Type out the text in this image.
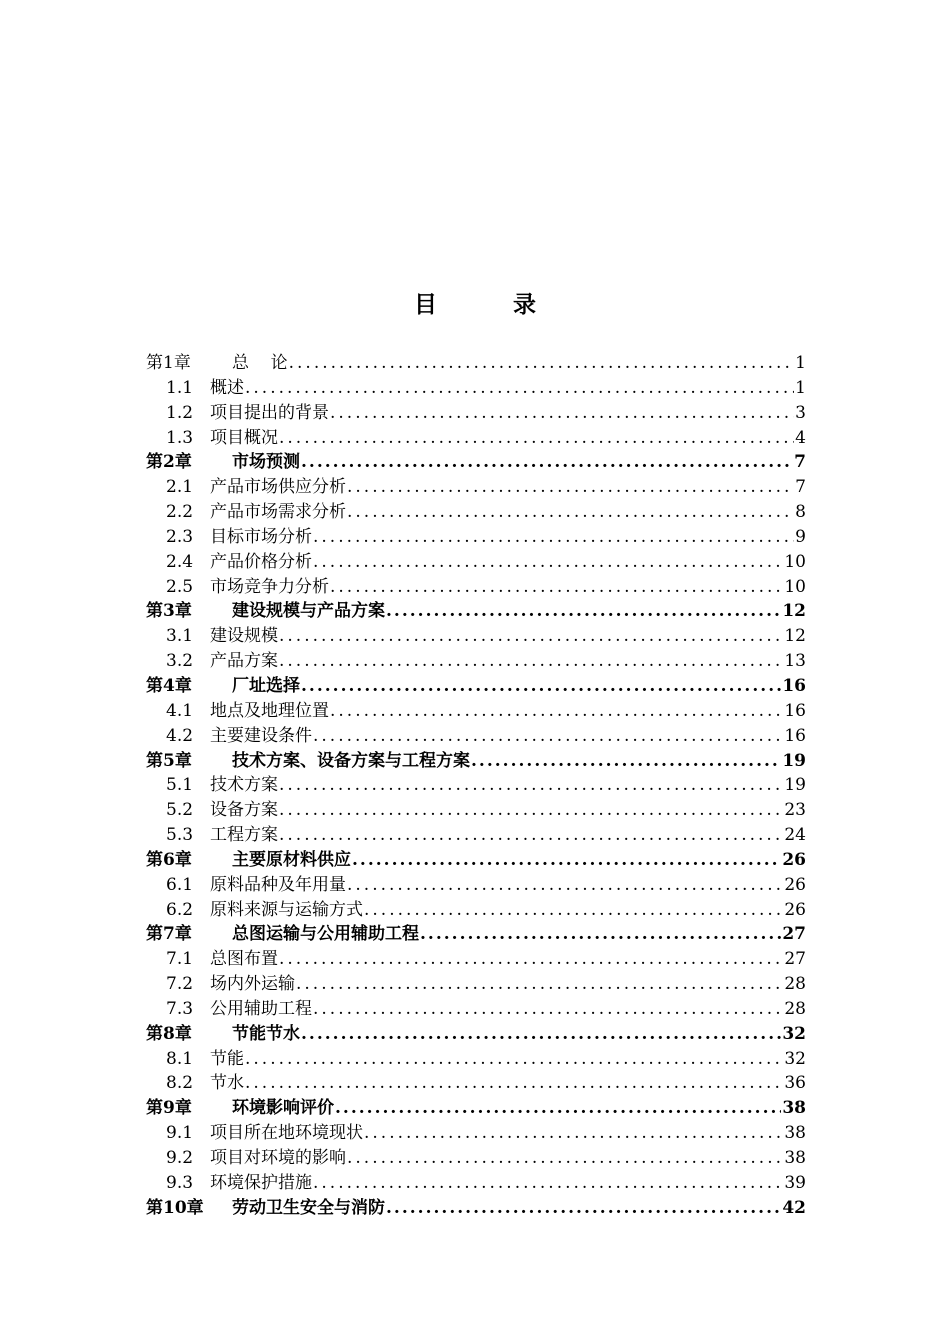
目 录
第1章	总    论 .....	1
1.1 概述 .....	1
1.2 项目提出的背景 .....	3
1.3 项目概况 .....	4
第2章	市场预测 .....	7
2.1 产品市场供应分析 .....	7
2.2 产品市场需求分析 .....	8
2.3 目标市场分析 .....	9
2.4 产品价格分析 .....	10
2.5 市场竞争力分析 .....	10
第3章	建设规模与产品方案 .....	12
3.1 建设规模 .....	12
3.2 产品方案 .....	13
第4章	厂址选择 .....	16
4.1 地点及地理位置 .....	16
4.2 主要建设条件 .....	16
第5章	技术方案、设备方案与工程方案 .....	19
5.1 技术方案 .....	19
5.2 设备方案 .....	23
5.3 工程方案 .....	24
第6章	主要原材料供应 .....	26
6.1 原料品种及年用量 .....	26
6.2 原料来源与运输方式 .....	26
第7章	总图运输与公用辅助工程 .....	27
7.1 总图布置 .....	27
7.2 场内外运输 .....	28
7.3 公用辅助工程 .....	28
第8章	节能节水 .....	32
8.1 节能 .....	32
8.2 节水 .....	36
第9章	环境影响评价 .....	38
9.1 项目所在地环境现状 .....	38
9.2 项目对环境的影响 .....	38
9.3 环境保护措施 .....	39
第10章	劳动卫生安全与消防 .....	42
